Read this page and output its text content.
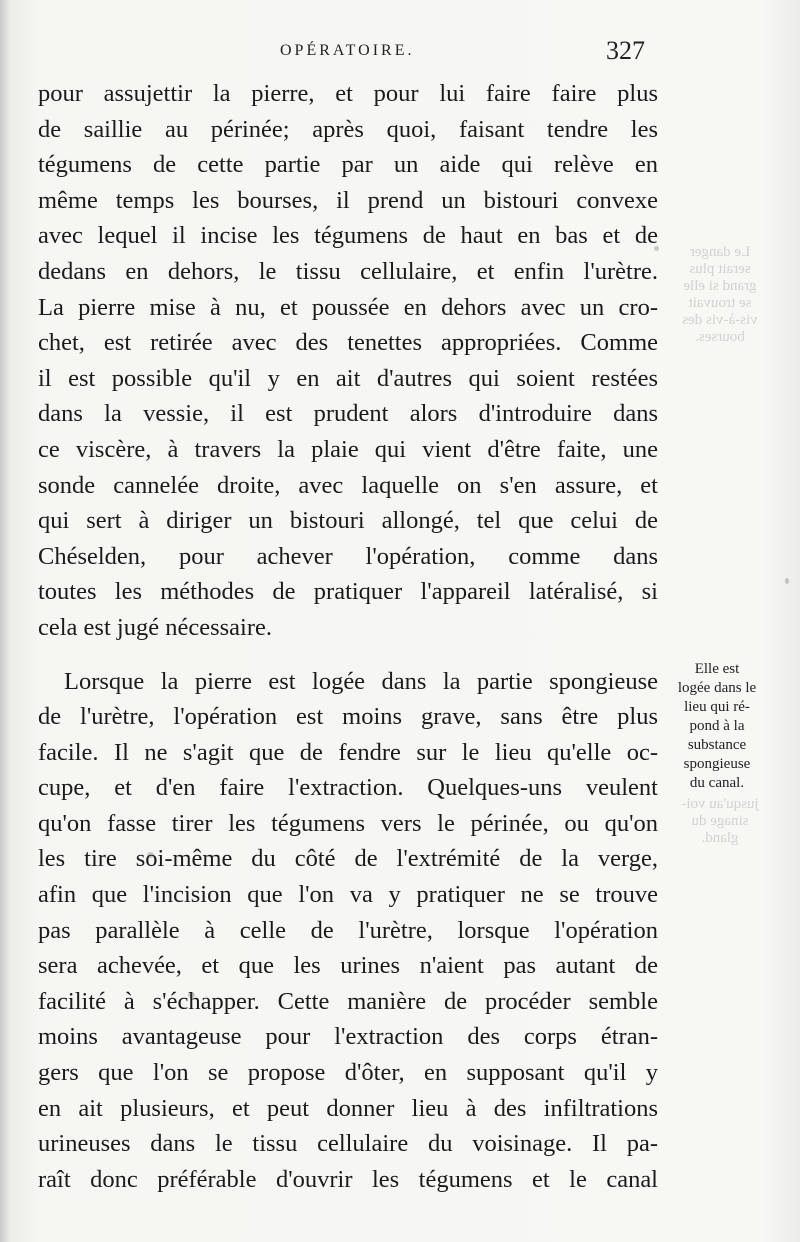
Le danger
serait plus
grand si elle
se trouvait
vis-à-vis des
bourses.
jusqu'au voi-
sinage du
gland.
OPÉRATOIRE.	327
pour assujettir la pierre, et pour lui faire faire plus
de saillie au périnée; après quoi, faisant tendre les
tégumens de cette partie par un aide qui relève en
même temps les bourses, il prend un bistouri convexe
avec lequel il incise les tégumens de haut en bas et de
dedans en dehors, le tissu cellulaire, et enfin l'urètre.
La pierre mise à nu, et poussée en dehors avec un cro-
chet, est retirée avec des tenettes appropriées. Comme
il est possible qu'il y en ait d'autres qui soient restées
dans la vessie, il est prudent alors d'introduire dans
ce viscère, à travers la plaie qui vient d'être faite, une
sonde cannelée droite, avec laquelle on s'en assure, et
qui sert à diriger un bistouri allongé, tel que celui de
Chéselden, pour achever l'opération, comme dans
toutes les méthodes de pratiquer l'appareil latéralisé, si
cela est jugé nécessaire.
Lorsque la pierre est logée dans la partie spongieuse
de l'urètre, l'opération est moins grave, sans être plus
facile. Il ne s'agit que de fendre sur le lieu qu'elle oc-
cupe, et d'en faire l'extraction. Quelques-uns veulent
qu'on fasse tirer les tégumens vers le périnée, ou qu'on
les tire soi-même du côté de l'extrémité de la verge,
afin que l'incision que l'on va y pratiquer ne se trouve
pas parallèle à celle de l'urètre, lorsque l'opération
sera achevée, et que les urines n'aient pas autant de
facilité à s'échapper. Cette manière de procéder semble
moins avantageuse pour l'extraction des corps étran-
gers que l'on se propose d'ôter, en supposant qu'il y
en ait plusieurs, et peut donner lieu à des infiltrations
urineuses dans le tissu cellulaire du voisinage. Il pa-
raît donc préférable d'ouvrir les tégumens et le canal
Elle est
logée dans le
lieu qui ré-
pond à la
substance
spongieuse
du canal.
